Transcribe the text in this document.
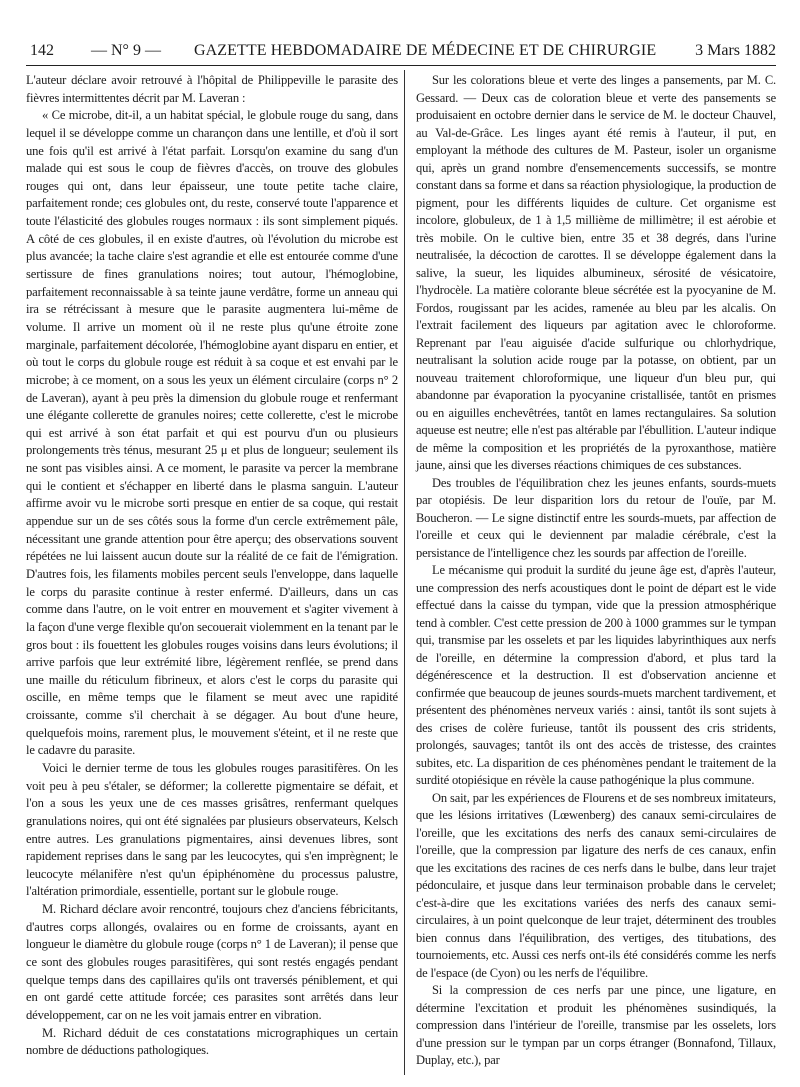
142 — N° 9 — GAZETTE HEBDOMADAIRE DE MÉDECINE ET DE CHIRURGIE 3 Mars 1882

L'auteur déclare avoir retrouvé à l'hôpital de Philippeville le parasite des fièvres intermittentes décrit par M. Laveran :

« Ce microbe, dit-il, a un habitat spécial, le globule rouge du sang, dans lequel il se développe comme un charançon dans une lentille, et d'où il sort une fois qu'il est arrivé à l'état parfait. Lorsqu'on examine du sang d'un malade qui est sous le coup de fièvres d'accès, on trouve des globules rouges qui ont, dans leur épaisseur, une toute petite tache claire, parfaitement ronde; ces globules ont, du reste, conservé toute l'apparence et toute l'élasticité des globules rouges normaux : ils sont simplement piqués. A côté de ces globules, il en existe d'autres, où l'évolution du microbe est plus avancée; la tache claire s'est agrandie et elle est entourée comme d'une sertissure de fines granulations noires; tout autour, l'hémoglobine, parfaitement reconnaissable à sa teinte jaune verdâtre, forme un anneau qui ira se rétrécissant à mesure que le parasite augmentera lui-même de volume. Il arrive un moment où il ne reste plus qu'une étroite zone marginale, parfaitement décolorée, l'hémoglobine ayant disparu en entier, et où tout le corps du globule rouge est réduit à sa coque et est envahi par le microbe; à ce moment, on a sous les yeux un élément circulaire (corps n° 2 de Laveran), ayant à peu près la dimension du globule rouge et renfermant une élégante collerette de granules noires; cette collerette, c'est le microbe qui est arrivé à son état parfait et qui est pourvu d'un ou plusieurs prolongements très ténus, mesurant 25 μ et plus de longueur; seulement ils ne sont pas visibles ainsi. A ce moment, le parasite va percer la membrane qui le contient et s'échapper en liberté dans le plasma sanguin. L'auteur affirme avoir vu le microbe sorti presque en entier de sa coque, qui restait appendue sur un de ses côtés sous la forme d'un cercle extrêmement pâle, nécessitant une grande attention pour être aperçu; des observations souvent répétées ne lui laissent aucun doute sur la réalité de ce fait de l'émigration. D'autres fois, les filaments mobiles percent seuls l'enveloppe, dans laquelle le corps du parasite continue à rester enfermé. D'ailleurs, dans un cas comme dans l'autre, on le voit entrer en mouvement et s'agiter vivement à la façon d'une verge flexible qu'on secouerait violemment en la tenant par le gros bout : ils fouettent les globules rouges voisins dans leurs évolutions; il arrive parfois que leur extrémité libre, légèrement renflée, se prend dans une maille du réticulum fibrineux, et alors c'est le corps du parasite qui oscille, en même temps que le filament se meut avec une rapidité croissante, comme s'il cherchait à se dégager. Au bout d'une heure, quelquefois moins, rarement plus, le mouvement s'éteint, et il ne reste que le cadavre du parasite.

Voici le dernier terme de tous les globules rouges parasitifères. On les voit peu à peu s'étaler, se déformer; la collerette pigmentaire se défait, et l'on a sous les yeux une de ces masses grisâtres, renfermant quelques granulations noires, qui ont été signalées par plusieurs observateurs, Kelsch entre autres. Les granulations pigmentaires, ainsi devenues libres, sont rapidement reprises dans le sang par les leucocytes, qui s'en imprègnent; le leucocyte mélanifère n'est qu'un épiphénomène du processus palustre, l'altération primordiale, essentielle, portant sur le globule rouge.

M. Richard déclare avoir rencontré, toujours chez d'anciens fébricitants, d'autres corps allongés, ovalaires ou en forme de croissants, ayant en longueur le diamètre du globule rouge (corps n° 1 de Laveran); il pense que ce sont des globules rouges parasitifères, qui sont restés engagés pendant quelque temps dans des capillaires qu'ils ont traversés péniblement, et qui en ont gardé cette attitude forcée; ces parasites sont arrêtés dans leur développement, car on ne les voit jamais entrer en vibration.

M. Richard déduit de ces constatations micrographiques un certain nombre de déductions pathologiques.

Sur les colorations bleue et verte des linges a pansements, par M. C. Gessard. — Deux cas de coloration bleue et verte des pansements se produisaient en octobre dernier dans le service de M. le docteur Chauvel, au Val-de-Grâce. Les linges ayant été remis à l'auteur, il put, en employant la méthode des cultures de M. Pasteur, isoler un organisme qui, après un grand nombre d'ensemencements successifs, se montre constant dans sa forme et dans sa réaction physiologique, la production de pigment, pour les différents liquides de culture. Cet organisme est incolore, globuleux, de 1 à 1,5 millième de millimètre; il est aérobie et très mobile. On le cultive bien, entre 35 et 38 degrés, dans l'urine neutralisée, la décoction de carottes. Il se développe également dans la salive, la sueur, les liquides albumineux, sérosité de vésicatoire, l'hydrocèle. La matière colorante bleue sécrétée est la pyocyanine de M. Fordos, rougissant par les acides, ramenée au bleu par les alcalis. On l'extrait facilement des liqueurs par agitation avec le chloroforme. Reprenant par l'eau aiguisée d'acide sulfurique ou chlorhydrique, neutralisant la solution acide rouge par la potasse, on obtient, par un nouveau traitement chloroformique, une liqueur d'un bleu pur, qui abandonne par évaporation la pyocyanine cristallisée, tantôt en prismes ou en aiguilles enchevêtrées, tantôt en lames rectangulaires. Sa solution aqueuse est neutre; elle n'est pas altérable par l'ébullition. L'auteur indique de même la composition et les propriétés de la pyroxanthose, matière jaune, ainsi que les diverses réactions chimiques de ces substances.

Des troubles de l'équilibration chez les jeunes enfants, sourds-muets par otopiésis. De leur disparition lors du retour de l'ouïe, par M. Boucheron. — Le signe distinctif entre les sourds-muets, par affection de l'oreille et ceux qui le deviennent par maladie cérébrale, c'est la persistance de l'intelligence chez les sourds par affection de l'oreille.

Le mécanisme qui produit la surdité du jeune âge est, d'après l'auteur, une compression des nerfs acoustiques dont le point de départ est le vide effectué dans la caisse du tympan, vide que la pression atmosphérique tend à combler. C'est cette pression de 200 à 1000 grammes sur le tympan qui, transmise par les osselets et par les liquides labyrinthiques aux nerfs de l'oreille, en détermine la compression d'abord, et plus tard la dégénérescence et la destruction. Il est d'observation ancienne et confirmée que beaucoup de jeunes sourds-muets marchent tardivement, et présentent des phénomènes nerveux variés : ainsi, tantôt ils sont sujets à des crises de colère furieuse, tantôt ils poussent des cris stridents, prolongés, sauvages; tantôt ils ont des accès de tristesse, des craintes subites, etc. La disparition de ces phénomènes pendant le traitement de la surdité otopiésique en révèle la cause pathogénique la plus commune.

On sait, par les expériences de Flourens et de ses nombreux imitateurs, que les lésions irritatives (Lœwenberg) des canaux semi-circulaires de l'oreille, que les excitations des nerfs des canaux semi-circulaires de l'oreille, que la compression par ligature des nerfs de ces canaux, enfin que les excitations des racines de ces nerfs dans le bulbe, dans leur trajet pédonculaire, et jusque dans leur terminaison probable dans le cervelet; c'est-à-dire que les excitations variées des nerfs des canaux semi-circulaires, à un point quelconque de leur trajet, déterminent des troubles bien connus dans l'équilibration, des vertiges, des titubations, des tournoiements, etc. Aussi ces nerfs ont-ils été considérés comme les nerfs de l'espace (de Cyon) ou les nerfs de l'équilibre.

Si la compression de ces nerfs par une pince, une ligature, en détermine l'excitation et produit les phénomènes susindiqués, la compression dans l'intérieur de l'oreille, transmise par les osselets, lors d'une pression sur le tympan par un corps étranger (Bonnafond, Tillaux, Duplay, etc.), par
